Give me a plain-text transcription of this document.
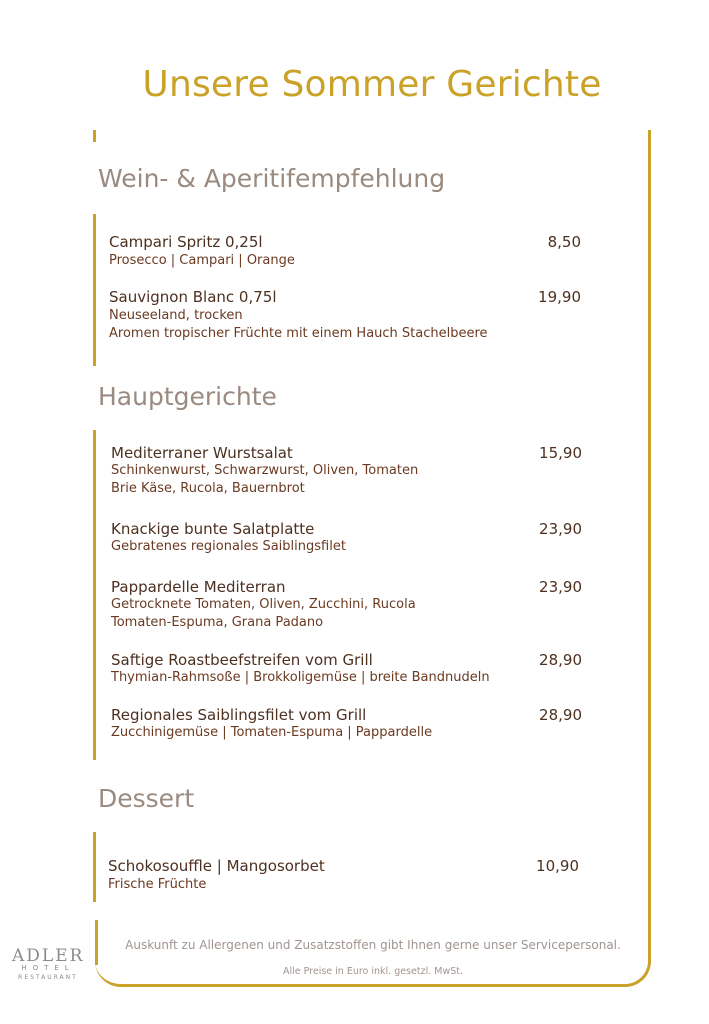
Unsere Sommer Gerichte
Wein- & Aperitifempfehlung
Campari Spritz 0,25l	8,50
Prosecco | Campari | Orange
Sauvignon Blanc 0,75l	19,90
Neuseeland, trocken
Aromen tropischer Früchte mit einem Hauch Stachelbeere
Hauptgerichte
Mediterraner Wurstsalat	15,90
Schinkenwurst, Schwarzwurst, Oliven, Tomaten
Brie Käse, Rucola, Bauernbrot
Knackige bunte Salatplatte	23,90
Gebratenes regionales Saiblingsfilet
Pappardelle Mediterran	23,90
Getrocknete Tomaten, Oliven, Zucchini, Rucola
Tomaten-Espuma, Grana Padano
Saftige Roastbeefstreifen vom Grill	28,90
Thymian-Rahmsoße | Brokkoligemüse | breite Bandnudeln
Regionales Saiblingsfilet vom Grill	28,90
Zucchinigemüse | Tomaten-Espuma | Pappardelle
Dessert
Schokosouffle | Mangosorbet	10,90
Frische Früchte
Auskunft zu Allergenen und Zusatzstoffen gibt Ihnen gerne unser Servicepersonal.
Alle Preise in Euro inkl. gesetzl. MwSt.
ADLER
HOTEL
RESTAURANT
